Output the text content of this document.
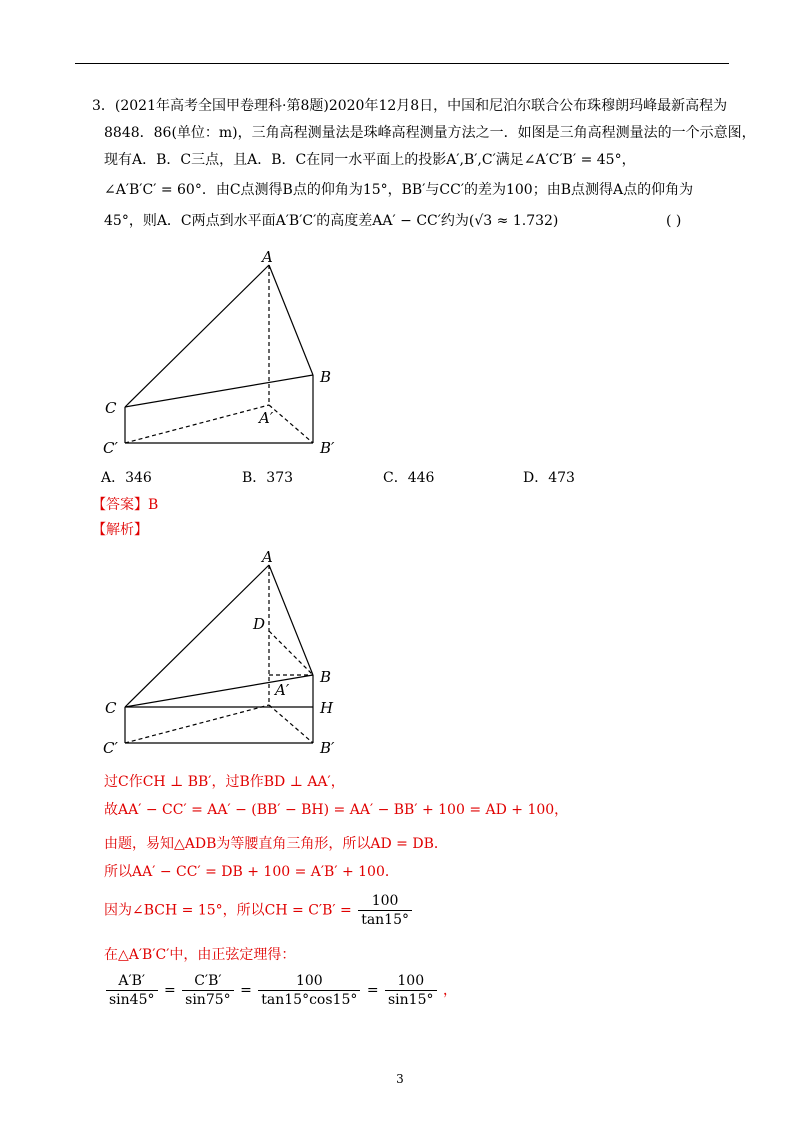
3．(2021年高考全国甲卷理科·第8题)2020年12月8日，中国和尼泊尔联合公布珠穆朗玛峰最新高程为
8848．86(单位：m)，三角高程测量法是珠峰高程测量方法之一．如图是三角高程测量法的一个示意图，
现有A．B．C三点，且A．B．C在同一水平面上的投影A′,B′,C′满足∠A′C′B′ = 45°，
∠A′B′C′ = 60°．由C点测得B点的仰角为15°，BB′与CC′的差为100；由B点测得A点的仰角为
45°，则A．C两点到水平面A′B′C′的高度差AA′ − CC′约为(√3 ≈ 1.732)	( )
A
B
C
A′
B′
C′
A．346	B．373	C．446	D．473
【答案】B
【解析】
A
D
B
H
C
A′
B′
C′
过C作CH ⊥ BB′，过B作BD ⊥ AA′，
故AA′ − CC′ = AA′ − (BB′ − BH) = AA′ − BB′ + 100 = AD + 100，
由题，易知△ADB为等腰直角三角形，所以AD = DB．
所以AA′ − CC′ = DB + 100 = A′B′ + 100．
因为∠BCH = 15°，所以CH = $C'B' = \frac{100}{\tan 15^\circ}$
在△A′B′C′中，由正弦定理得：
$\frac{A'B'}{\sin 45^\circ} = \frac{C'B'}{\sin 75^\circ} = \frac{100}{\tan 15^\circ\cos 15^\circ} = \frac{100}{\sin 15^\circ}$ ，
3
